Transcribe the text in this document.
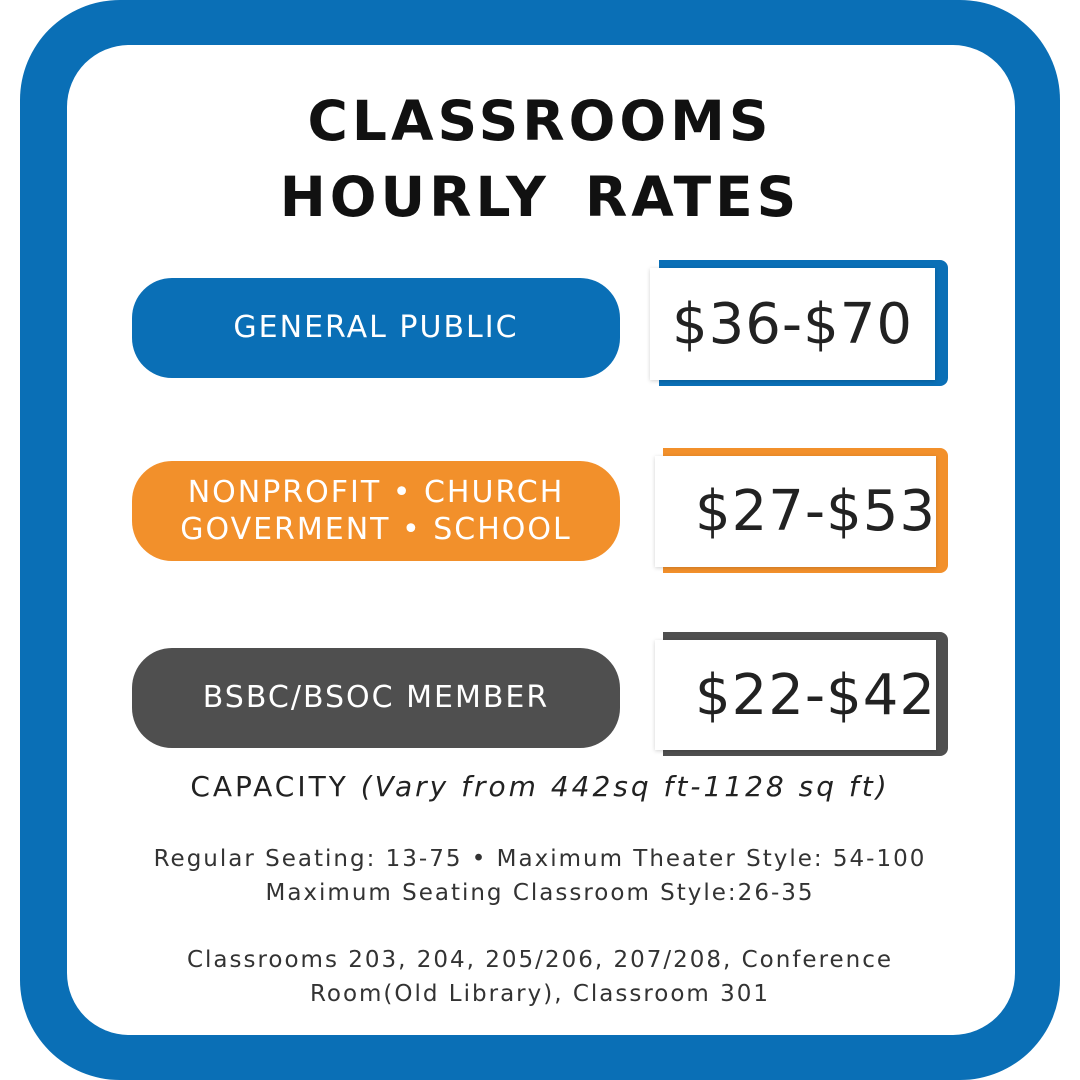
CLASSROOMS
HOURLY RATES
GENERAL PUBLIC	$36-$70
NONPROFIT • CHURCH
GOVERMENT • SCHOOL	$27-$53
BSBC/BSOC MEMBER	$22-$42

CAPACITY (Vary from 442sq ft-1128 sq ft)

Regular Seating: 13-75 • Maximum Theater Style: 54-100
Maximum Seating Classroom Style:26-35
Classrooms 203, 204, 205/206, 207/208, Conference
Room(Old Library), Classroom 301
